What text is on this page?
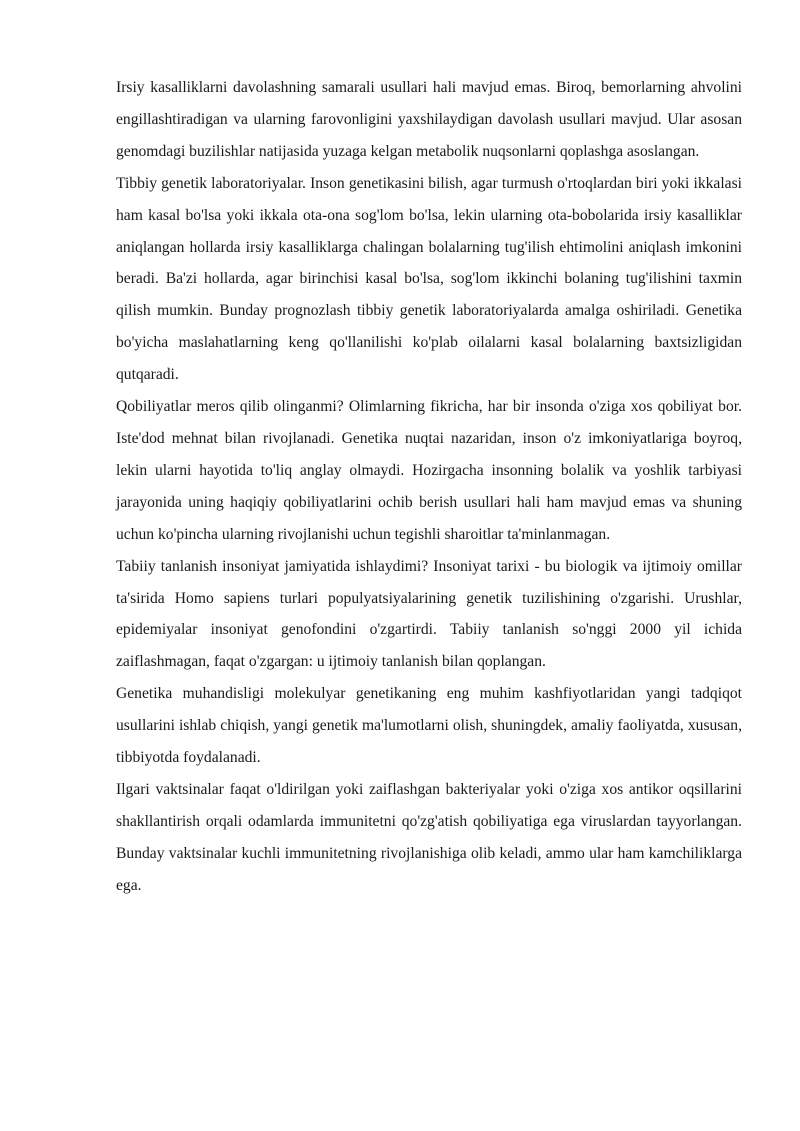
Irsiy kasalliklarni davolashning samarali usullari hali mavjud emas. Biroq, bemorlarning ahvolini engillashtiradigan va ularning farovonligini yaxshilaydigan davolash usullari mavjud. Ular asosan genomdagi buzilishlar natijasida yuzaga kelgan metabolik nuqsonlarni qoplashga asoslangan.

Tibbiy genetik laboratoriyalar. Inson genetikasini bilish, agar turmush o'rtoqlardan biri yoki ikkalasi ham kasal bo'lsa yoki ikkala ota-ona sog'lom bo'lsa, lekin ularning ota-bobolarida irsiy kasalliklar aniqlangan hollarda irsiy kasalliklarga chalingan bolalarning tug'ilish ehtimolini aniqlash imkonini beradi. Ba'zi hollarda, agar birinchisi kasal bo'lsa, sog'lom ikkinchi bolaning tug'ilishini taxmin qilish mumkin. Bunday prognozlash tibbiy genetik laboratoriyalarda amalga oshiriladi. Genetika bo'yicha maslahatlarning keng qo'llanilishi ko'plab oilalarni kasal bolalarning baxtsizligidan qutqaradi.

Qobiliyatlar meros qilib olinganmi? Olimlarning fikricha, har bir insonda o'ziga xos qobiliyat bor. Iste'dod mehnat bilan rivojlanadi. Genetika nuqtai nazaridan, inson o'z imkoniyatlariga boyroq, lekin ularni hayotida to'liq anglay olmaydi. Hozirgacha insonning bolalik va yoshlik tarbiyasi jarayonida uning haqiqiy qobiliyatlarini ochib berish usullari hali ham mavjud emas va shuning uchun ko'pincha ularning rivojlanishi uchun tegishli sharoitlar ta'minlanmagan.

Tabiiy tanlanish insoniyat jamiyatida ishlaydimi? Insoniyat tarixi - bu biologik va ijtimoiy omillar ta'sirida Homo sapiens turlari populyatsiyalarining genetik tuzilishining o'zgarishi. Urushlar, epidemiyalar insoniyat genofondini o'zgartirdi. Tabiiy tanlanish so'nggi 2000 yil ichida zaiflashmagan, faqat o'zgargan: u ijtimoiy tanlanish bilan qoplangan.

Genetika muhandisligi molekulyar genetikaning eng muhim kashfiyotlaridan yangi tadqiqot usullarini ishlab chiqish, yangi genetik ma'lumotlarni olish, shuningdek, amaliy faoliyatda, xususan, tibbiyotda foydalanadi.

Ilgari vaktsinalar faqat o'ldirilgan yoki zaiflashgan bakteriyalar yoki o'ziga xos antikor oqsillarini shakllantirish orqali odamlarda immunitetni qo'zg'atish qobiliyatiga ega viruslardan tayyorlangan. Bunday vaktsinalar kuchli immunitetning rivojlanishiga olib keladi, ammo ular ham kamchiliklarga ega.
